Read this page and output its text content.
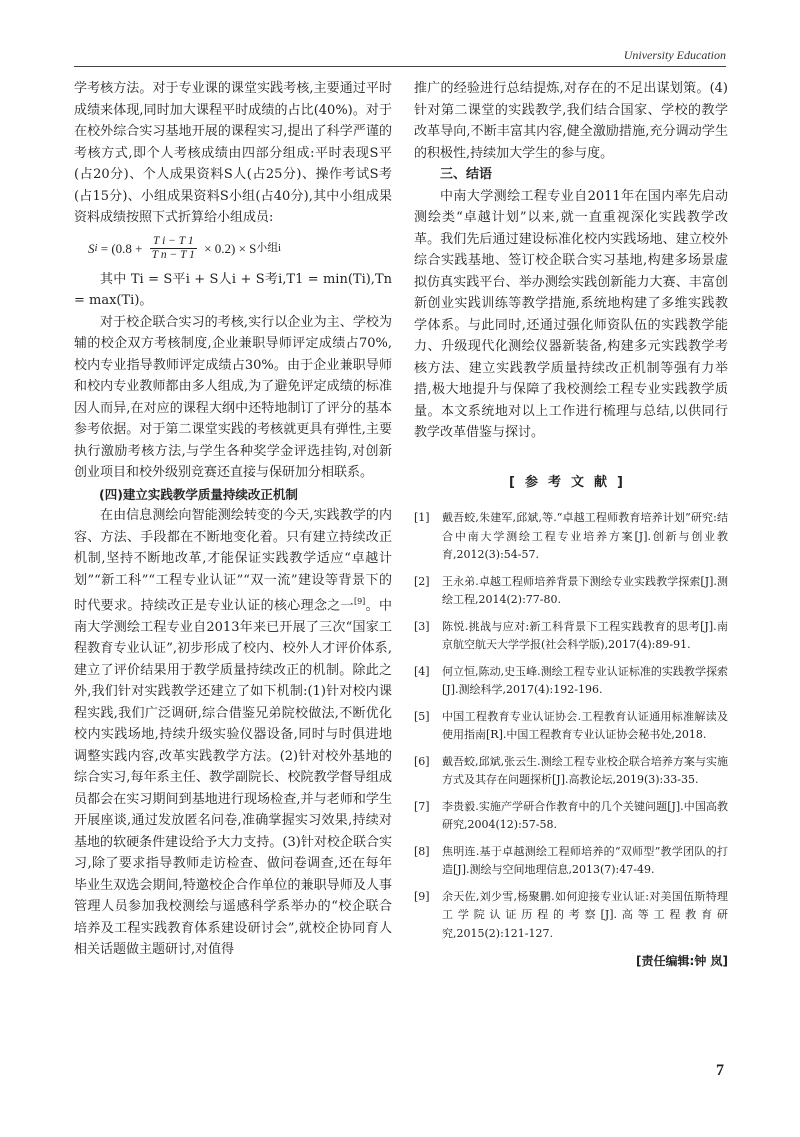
University Education

学考核方法。对于专业课的课堂实践考核,主要通过平时成绩来体现,同时加大课程平时成绩的占比(40%)。对于在校外综合实习基地开展的课程实习,提出了科学严谨的考核方式,即个人考核成绩由四部分组成:平时表现S平(占20分)、个人成果资料S人(占25分)、操作考试S考(占15分)、小组成果资料S小组(占40分),其中小组成果资料成绩按照下式折算给小组成员:

S $i = (0.8 + \frac{\text{T i − T 1}}{\text{T n − T 1}} \times 0.2) \times S$ 小组i

其中 Ti = S平i + S人i + S考i,T1 = min(Ti),Tn = max(Ti)。

对于校企联合实习的考核,实行以企业为主、学校为辅的校企双方考核制度,企业兼职导师评定成绩占70%,校内专业指导教师评定成绩占30%。由于企业兼职导师和校内专业教师都由多人组成,为了避免评定成绩的标准因人而异,在对应的课程大纲中还特地制订了评分的基本参考依据。对于第二课堂实践的考核就更具有弹性,主要执行激励考核方法,与学生各种奖学金评选挂钩,对创新创业项目和校外级别竞赛还直接与保研加分相联系。

(四)建立实践教学质量持续改正机制

在由信息测绘向智能测绘转变的今天,实践教学的内容、方法、手段都在不断地变化着。只有建立持续改正机制,坚持不断地改革,才能保证实践教学适应“卓越计划”“新工科”“工程专业认证”“双一流”建设等背景下的时代要求。持续改正是专业认证的核心理念之一[9]。中南大学测绘工程专业自2013年来已开展了三次“国家工程教育专业认证”,初步形成了校内、校外人才评价体系,建立了评价结果用于教学质量持续改正的机制。除此之外,我们针对实践教学还建立了如下机制:(1)针对校内课程实践,我们广泛调研,综合借鉴兄弟院校做法,不断优化校内实践场地,持续升级实验仪器设备,同时与时俱进地调整实践内容,改革实践教学方法。(2)针对校外基地的综合实习,每年系主任、教学副院长、校院教学督导组成员都会在实习期间到基地进行现场检查,并与老师和学生开展座谈,通过发放匿名问卷,准确掌握实习效果,持续对基地的软硬条件建设给予大力支持。(3)针对校企联合实习,除了要求指导教师走访检查、做问卷调查,还在每年毕业生双选会期间,特邀校企合作单位的兼职导师及人事管理人员参加我校测绘与遥感科学系举办的“校企联合培养及工程实践教育体系建设研讨会”,就校企协同育人相关话题做主题研讨,对值得

推广的经验进行总结提炼,对存在的不足出谋划策。(4)针对第二课堂的实践教学,我们结合国家、学校的教学改革导向,不断丰富其内容,健全激励措施,充分调动学生的积极性,持续加大学生的参与度。

三、结语

中南大学测绘工程专业自2011年在国内率先启动测绘类“卓越计划”以来,就一直重视深化实践教学改革。我们先后通过建设标准化校内实践场地、建立校外综合实践基地、签订校企联合实习基地,构建多场景虚拟仿真实践平台、举办测绘实践创新能力大赛、丰富创新创业实践训练等教学措施,系统地构建了多维实践教学体系。与此同时,还通过强化师资队伍的实践教学能力、升级现代化测绘仪器新装备,构建多元实践教学考核方法、建立实践教学质量持续改正机制等强有力举措,极大地提升与保障了我校测绘工程专业实践教学质量。本文系统地对以上工作进行梳理与总结,以供同行教学改革借鉴与探讨。

[参考文献]
[1]	戴吾蛟,朱建军,邱斌,等.“卓越工程师教育培养计划”研究:结合中南大学测绘工程专业培养方案[J].创新与创业教育,2012(3):54-57.
[2]	王永弟.卓越工程师培养背景下测绘专业实践教学探索[J].测绘工程,2014(2):77-80.
[3]	陈悦.挑战与应对:新工科背景下工程实践教育的思考[J].南京航空航天大学学报(社会科学版),2017(4):89-91.
[4]	何立恒,陈动,史玉峰.测绘工程专业认证标准的实践教学探索[J].测绘科学,2017(4):192-196.
[5]	中国工程教育专业认证协会.工程教育认证通用标准解读及使用指南[R].中国工程教育专业认证协会秘书处,2018.
[6]	戴吾蛟,邱斌,张云生.测绘工程专业校企联合培养方案与实施方式及其存在问题探析[J].高教论坛,2019(3):33-35.
[7]	李贵毅.实施产学研合作教育中的几个关键问题[J].中国高教研究,2004(12):57-58.
[8]	焦明连.基于卓越测绘工程师培养的“双师型”教学团队的打造[J].测绘与空间地理信息,2013(7):47-49.
[9]	余天佐,刘少雪,杨聚鹏.如何迎接专业认证:对美国伍斯特理工学院认证历程的考察[J].高等工程教育研究,2015(2):121-127.
[责任编辑:钟 岚]
7
